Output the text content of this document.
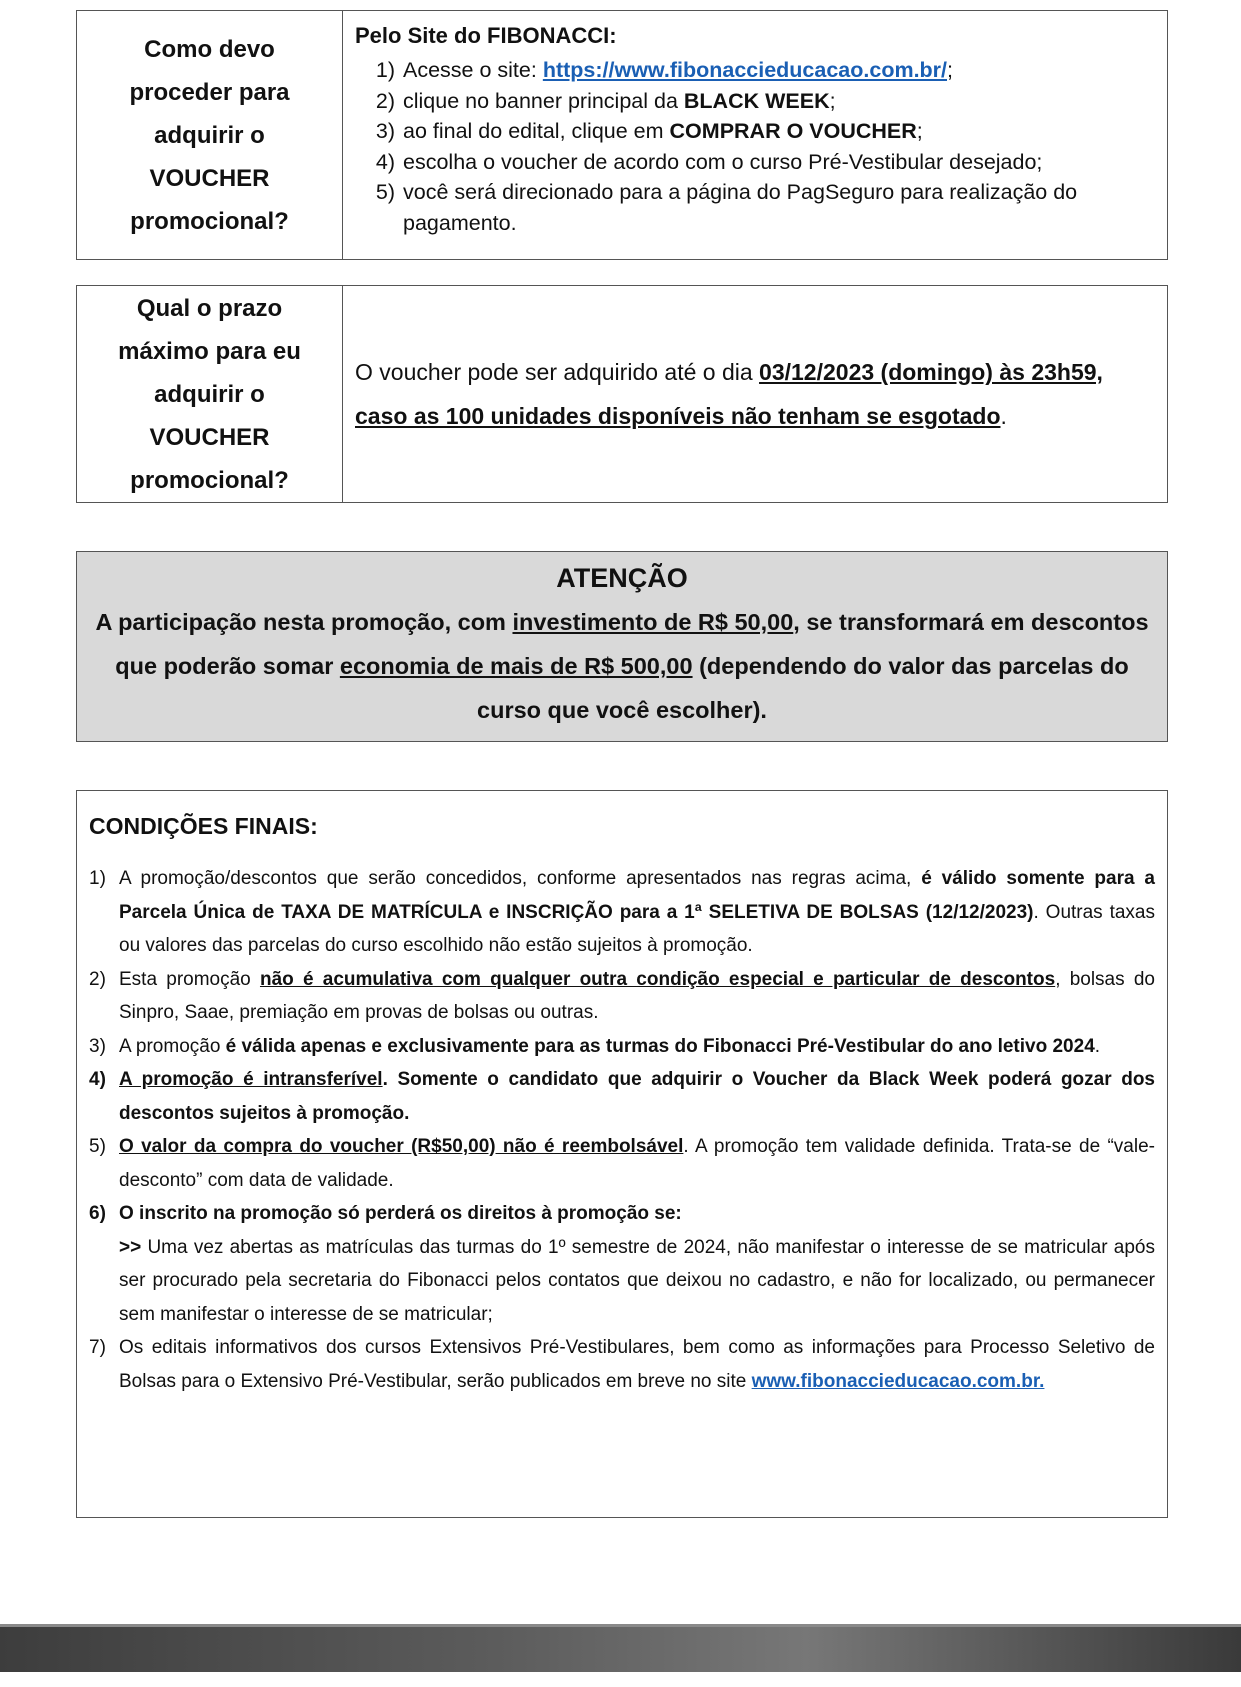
Como devo proceder para adquirir o VOUCHER promocional?
Pelo Site do FIBONACCI:
1) Acesse o site: https://www.fibonaccieducacao.com.br/;
2) clique no banner principal da BLACK WEEK;
3) ao final do edital, clique em COMPRAR O VOUCHER;
4) escolha o voucher de acordo com o curso Pré-Vestibular desejado;
5) você será direcionado para a página do PagSeguro para realização do pagamento.
Qual o prazo máximo para eu adquirir o VOUCHER promocional?
O voucher pode ser adquirido até o dia 03/12/2023 (domingo) às 23h59, caso as 100 unidades disponíveis não tenham se esgotado.
ATENÇÃO
A participação nesta promoção, com investimento de R$ 50,00, se transformará em descontos que poderão somar economia de mais de R$ 500,00 (dependendo do valor das parcelas do curso que você escolher).
CONDIÇÕES FINAIS:
1) A promoção/descontos que serão concedidos, conforme apresentados nas regras acima, é válido somente para a Parcela Única de TAXA DE MATRÍCULA e INSCRIÇÃO para a 1ª SELETIVA DE BOLSAS (12/12/2023). Outras taxas ou valores das parcelas do curso escolhido não estão sujeitos à promoção.
2) Esta promoção não é acumulativa com qualquer outra condição especial e particular de descontos, bolsas do Sinpro, Saae, premiação em provas de bolsas ou outras.
3) A promoção é válida apenas e exclusivamente para as turmas do Fibonacci Pré-Vestibular do ano letivo 2024.
4) A promoção é intransferível. Somente o candidato que adquirir o Voucher da Black Week poderá gozar dos descontos sujeitos à promoção.
5) O valor da compra do voucher (R$50,00) não é reembolsável. A promoção tem validade definida. Trata-se de “vale-desconto” com data de validade.
6) O inscrito na promoção só perderá os direitos à promoção se:
>> Uma vez abertas as matrículas das turmas do 1º semestre de 2024, não manifestar o interesse de se matricular após ser procurado pela secretaria do Fibonacci pelos contatos que deixou no cadastro, e não for localizado, ou permanecer sem manifestar o interesse de se matricular;
7) Os editais informativos dos cursos Extensivos Pré-Vestibulares, bem como as informações para Processo Seletivo de Bolsas para o Extensivo Pré-Vestibular, serão publicados em breve no site www.fibonaccieducacao.com.br.
